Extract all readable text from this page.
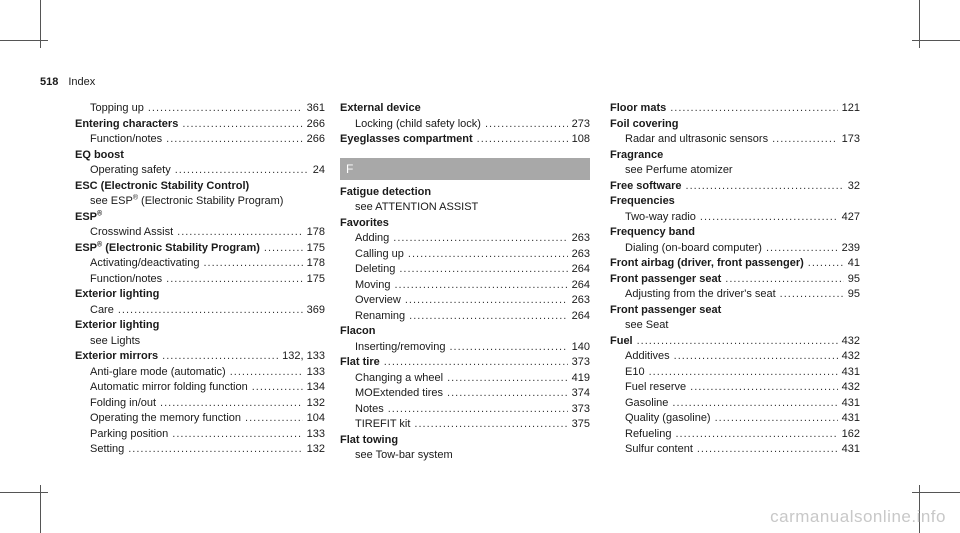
518 Index
Topping up .....	361
Entering characters .....	266
Function/notes .....	266
EQ boost
Operating safety .....	24
ESC (Electronic Stability Control)
see ESP® (Electronic Stability Program)
ESP®
Crosswind Assist .....	178
ESP® (Electronic Stability Program) .....	175
Activating/deactivating .....	178
Function/notes .....	175
Exterior lighting
Care .....	369
Exterior lighting
see Lights
Exterior mirrors .....	132, 133
Anti-glare mode (automatic) .....	133
Automatic mirror folding function .....	134
Folding in/out .....	132
Operating the memory function .....	104
Parking position .....	133
Setting .....	132
External device
Locking (child safety lock) .....	273
Eyeglasses compartment .....	108
F
Fatigue detection
see ATTENTION ASSIST
Favorites
Adding .....	263
Calling up .....	263
Deleting .....	264
Moving .....	264
Overview .....	263
Renaming .....	264
Flacon
Inserting/removing .....	140
Flat tire .....	373
Changing a wheel .....	419
MOExtended tires .....	374
Notes .....	373
TIREFIT kit .....	375
Flat towing
see Tow-bar system
Floor mats .....	121
Foil covering
Radar and ultrasonic sensors .....	173
Fragrance
see Perfume atomizer
Free software .....	32
Frequencies
Two-way radio .....	427
Frequency band
Dialing (on-board computer) .....	239
Front airbag (driver, front passenger) .....	41
Front passenger seat .....	95
Adjusting from the driver's seat .....	95
Front passenger seat
see Seat
Fuel .....	432
Additives .....	432
E10 .....	431
Fuel reserve .....	432
Gasoline .....	431
Quality (gasoline) .....	431
Refueling .....	162
Sulfur content .....	431
carmanualsonline.info
